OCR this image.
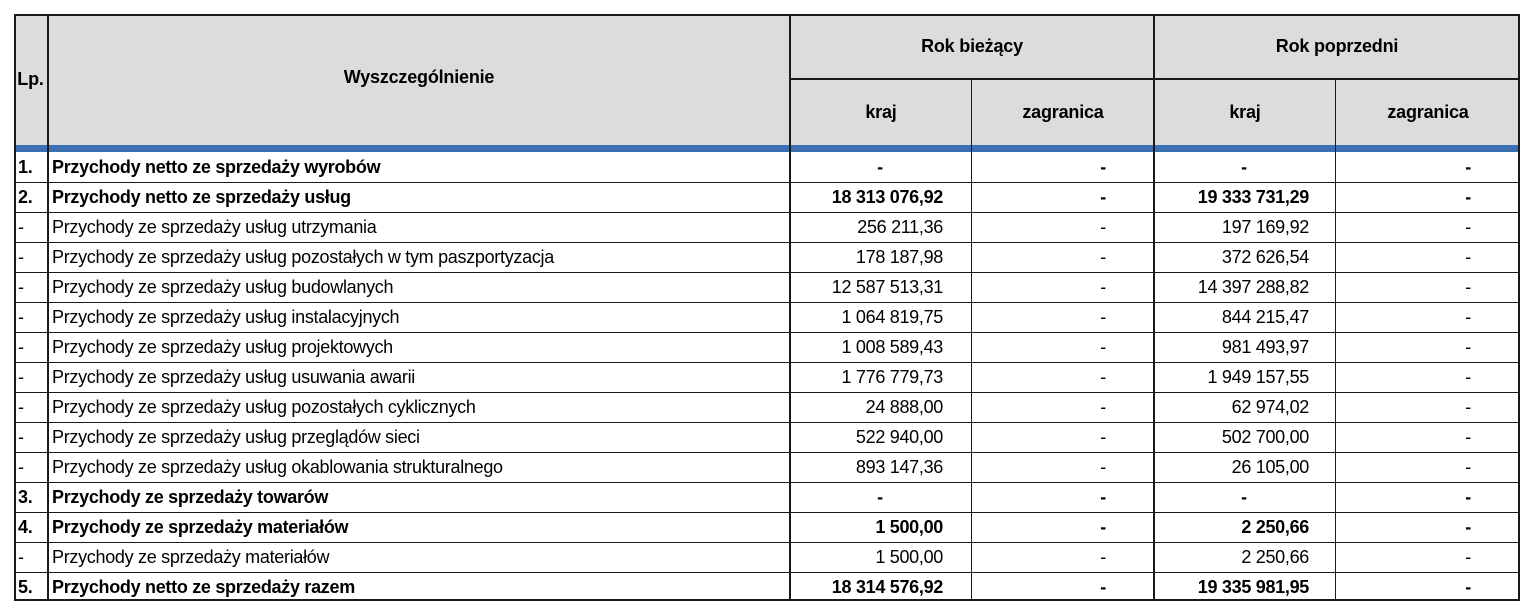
Lp.	Wyszczególnienie
Rok bieżący	Rok poprzedni
kraj	zagranica	kraj	zagranica
1.	Przychody netto ze sprzedaży wyrobów	-	-	-	-
2.	Przychody netto ze sprzedaży usług	18 313 076,92	-	19 333 731,29	-
-	Przychody ze sprzedaży usług utrzymania	256 211,36	-	197 169,92	-
-	Przychody ze sprzedaży usług pozostałych w tym paszportyzacja	178 187,98	-	372 626,54	-
-	Przychody ze sprzedaży usług budowlanych	12 587 513,31	-	14 397 288,82	-
-	Przychody ze sprzedaży usług instalacyjnych	1 064 819,75	-	844 215,47	-
-	Przychody ze sprzedaży usług projektowych	1 008 589,43	-	981 493,97	-
-	Przychody ze sprzedaży usług usuwania awarii	1 776 779,73	-	1 949 157,55	-
-	Przychody ze sprzedaży usług pozostałych cyklicznych	24 888,00	-	62 974,02	-
-	Przychody ze sprzedaży usług przeglądów sieci	522 940,00	-	502 700,00	-
-	Przychody ze sprzedaży usług okablowania strukturalnego	893 147,36	-	26 105,00	-
3.	Przychody ze sprzedaży towarów	-	-	-	-
4.	Przychody ze sprzedaży materiałów	1 500,00	-	2 250,66	-
-	Przychody ze sprzedaży materiałów	1 500,00	-	2 250,66	-
5.	Przychody netto ze sprzedaży razem	18 314 576,92	-	19 335 981,95	-
